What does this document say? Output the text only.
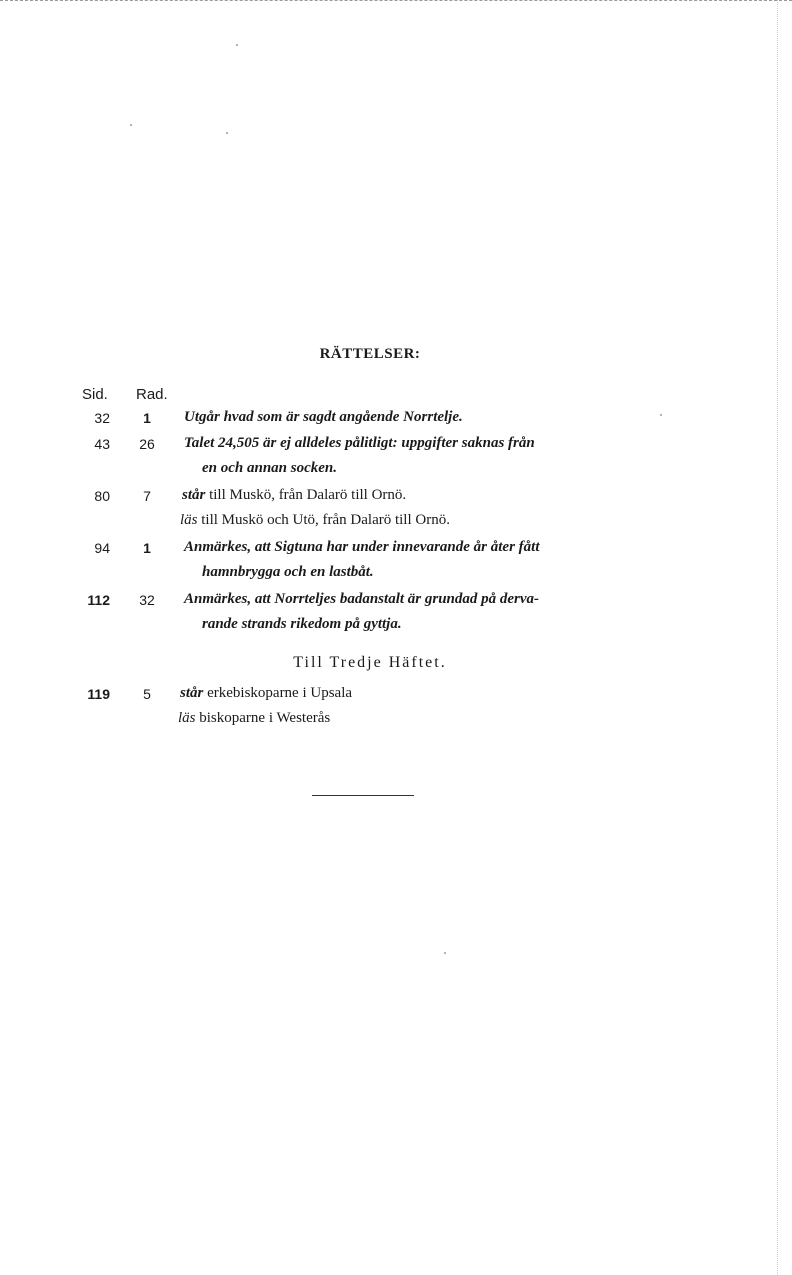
RÄTTELSER:
Sid. Rad.
32	1	Utgår hvad som är sagdt angående Norrtelje.
43	26	Talet 24,505 är ej alldeles pålitligt: uppgifter saknas från
en och annan socken.
80	7	står till Muskö, från Dalarö till Ornö.
läs till Muskö och Utö, från Dalarö till Ornö.
94	1	Anmärkes, att Sigtuna har under innevarande år åter fått
hamnbrygga och en lastbåt.
112	32	Anmärkes, att Norrteljes badanstalt är grundad på derva-
rande strands rikedom på gyttja.
Till Tredje Häftet.
119	5	står erkebiskoparne i Upsala
läs biskoparne i Westerås
